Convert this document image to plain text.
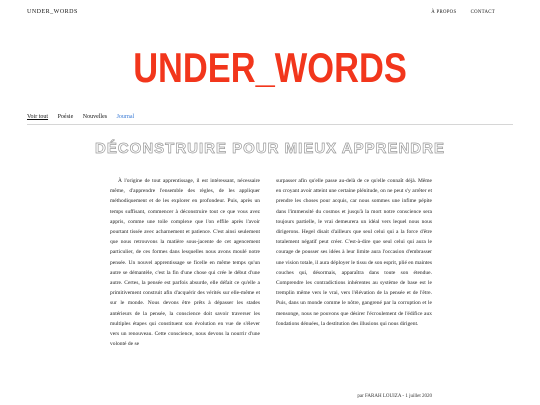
UNDER_WORDS	À PROPOS	CONTACT
UNDER_WORDS
Voir tout Poésie Nouvelles Journal
DÉCONSTRUIRE POUR MIEUX APPRENDRE
À l'origine de tout apprentissage, il est intéressant, nécessaire même, d'apprendre l'ensemble des règles, de les appliquer méthodiquement et de les explorer en profondeur. Puis, après un temps suffisant, commencer à déconstruire tout ce que vous avez appris, comme une toile complexe que l'on effile après l'avoir pourtant tissée avec acharnement et patience. C'est ainsi seulement que nous retrouvons la matière sous-jacente de cet agencement particulier, de ces formes dans lesquelles nous avons moulé notre pensée. Un nouvel apprentissage se ficelle en même temps qu'un autre se démantèle, c'est la fin d'une chose qui crée le début d'une autre. Certes, la pensée est parfois absurde, elle défait ce qu'elle a primitivement construit afin d'acquérir des vérités sur elle-même et sur le monde. Nous devons être prêts à dépasser les stades antérieurs de la pensée, la conscience doit savoir traverser les multiples étapes qui constituent son évolution en vue de s'élever vers un renouveau. Cette conscience, nous devons la nourrir d'une volonté de se
surpasser afin qu'elle passe au-delà de ce qu'elle connaît déjà. Même en croyant avoir atteint une certaine plénitude, on ne peut s'y arrêter et prendre les choses pour acquis, car nous sommes une infime pépite dans l'immensité du cosmos et jusqu'à la mort notre conscience sera toujours partielle, le vrai demeurera un idéal vers lequel nous nous dirigerons. Hegel disait d'ailleurs que seul celui qui a la force d'être totalement négatif peut créer. C'est-à-dire que seul celui qui aura le courage de pousser ses idées à leur limite aura l'occasion d'embrasser une vision totale, il aura déployer le tissu de son esprit, plié en maintes couches qui, désormais, apparaîtra dans toute son étendue. Comprendre les contradictions inhérentes au système de base est le tremplin même vers le vrai, vers l'élévation de la pensée et de l'être. Puis, dans un monde comme le nôtre, gangrené par la corruption et le mensonge, nous ne pouvons que désirer l'écroulement de l'édifice aux fondations dénuées, la destitution des illusions qui nous dirigent.
par FARAH LOUIZA - 1 juillet 2020
